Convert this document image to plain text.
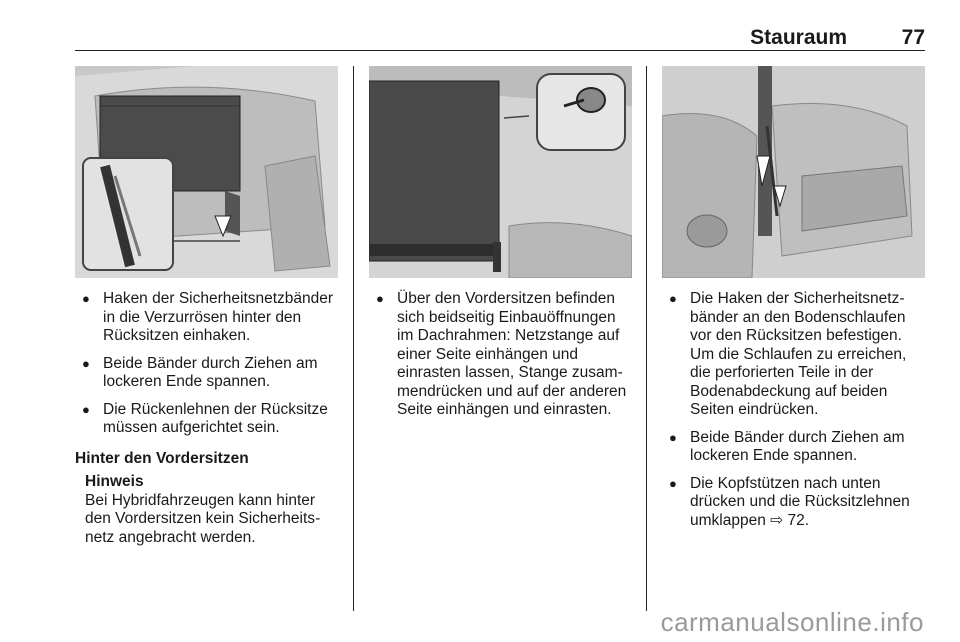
Stauraum	77
● Haken der Sicherheitsnetzbänder in die Verzurrösen hinter den Rücksitzen einhaken.
● Beide Bänder durch Ziehen am lockeren Ende spannen.
● Die Rückenlehnen der Rücksitze müssen aufgerichtet sein.
Hinter den Vordersitzen
Hinweis
Bei Hybridfahrzeugen kann hinter den Vordersitzen kein Sicherheitsnetz angebracht werden.
● Über den Vordersitzen befinden sich beidseitig Einbauöffnungen im Dachrahmen: Netzstange auf einer Seite einhängen und einrasten lassen, Stange zusammendrücken und auf der anderen Seite einhängen und einrasten.
● Die Haken der Sicherheitsnetzbänder an den Bodenschlaufen vor den Rücksitzen befestigen. Um die Schlaufen zu erreichen, die perforierten Teile in der Bodenabdeckung auf beiden Seiten eindrücken.
● Beide Bänder durch Ziehen am lockeren Ende spannen.
● Die Kopfstützen nach unten drücken und die Rücksitzlehnen umklappen ⇨ 72.
carmanualsonline.info
